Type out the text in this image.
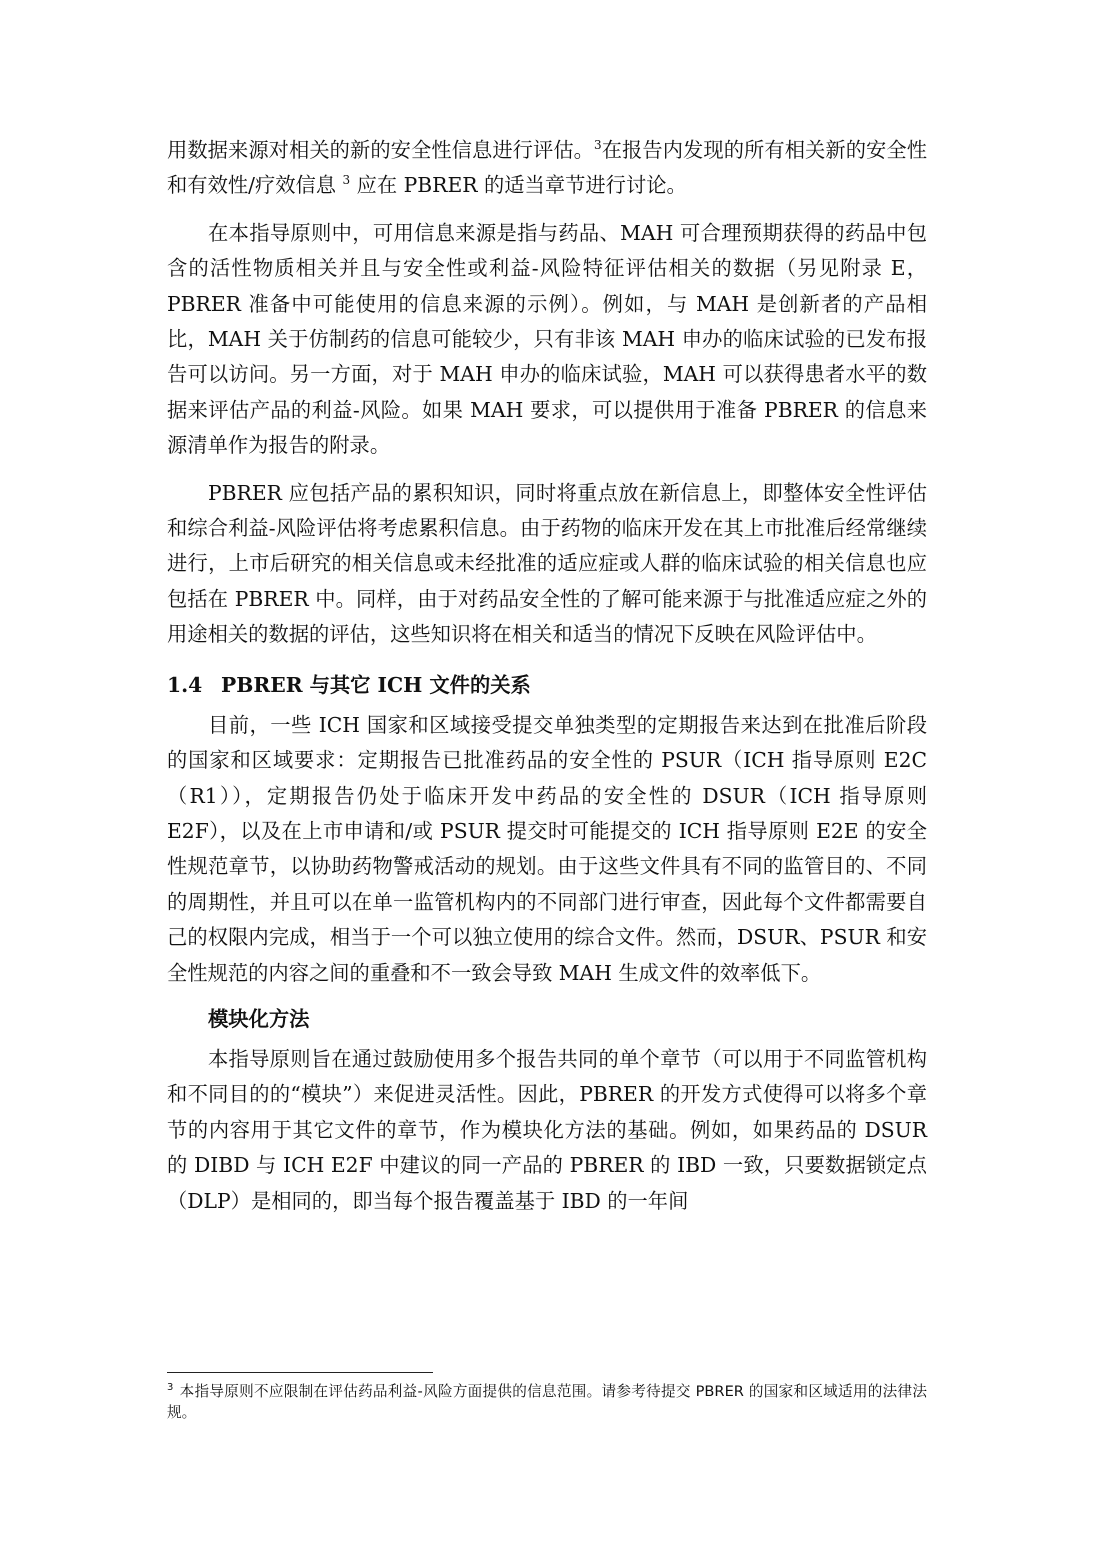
用数据来源对相关的新的安全性信息进行评估。$^3$在报告内发现的所有相关新的安全性和有效性/疗效信息 $^3$ 应在 PBRER 的适当章节进行讨论。

在本指导原则中，可用信息来源是指与药品、MAH 可合理预期获得的药品中包含的活性物质相关并且与安全性或利益-风险特征评估相关的数据（另见附录 E，PBRER 准备中可能使用的信息来源的示例）。例如，与 MAH 是创新者的产品相比，MAH 关于仿制药的信息可能较少，只有非该 MAH 申办的临床试验的已发布报告可以访问。另一方面，对于 MAH 申办的临床试验，MAH 可以获得患者水平的数据来评估产品的利益-风险。如果 MAH 要求，可以提供用于准备 PBRER 的信息来源清单作为报告的附录。

PBRER 应包括产品的累积知识，同时将重点放在新信息上，即整体安全性评估和综合利益-风险评估将考虑累积信息。由于药物的临床开发在其上市批准后经常继续进行，上市后研究的相关信息或未经批准的适应症或人群的临床试验的相关信息也应包括在 PBRER 中。同样，由于对药品安全性的了解可能来源于与批准适应症之外的用途相关的数据的评估，这些知识将在相关和适当的情况下反映在风险评估中。

1.4 PBRER 与其它 ICH 文件的关系

目前，一些 ICH 国家和区域接受提交单独类型的定期报告来达到在批准后阶段的国家和区域要求：定期报告已批准药品的安全性的 PSUR（ICH 指导原则 E2C（R1）），定期报告仍处于临床开发中药品的安全性的 DSUR（ICH 指导原则 E2F），以及在上市申请和/或 PSUR 提交时可能提交的 ICH 指导原则 E2E 的安全性规范章节，以协助药物警戒活动的规划。由于这些文件具有不同的监管目的、不同的周期性，并且可以在单一监管机构内的不同部门进行审查，因此每个文件都需要自己的权限内完成，相当于一个可以独立使用的综合文件。然而，DSUR、PSUR 和安全性规范的内容之间的重叠和不一致会导致 MAH 生成文件的效率低下。

模块化方法

本指导原则旨在通过鼓励使用多个报告共同的单个章节（可以用于不同监管机构和不同目的的“模块”）来促进灵活性。因此，PBRER 的开发方式使得可以将多个章节的内容用于其它文件的章节，作为模块化方法的基础。例如，如果药品的 DSUR 的 DIBD 与 ICH E2F 中建议的同一产品的 PBRER 的 IBD 一致，只要数据锁定点（DLP）是相同的，即当每个报告覆盖基于 IBD 的一年间

$^3$ 本指导原则不应限制在评估药品利益-风险方面提供的信息范围。请参考待提交 PBRER 的国家和区域适用的法律法规。
